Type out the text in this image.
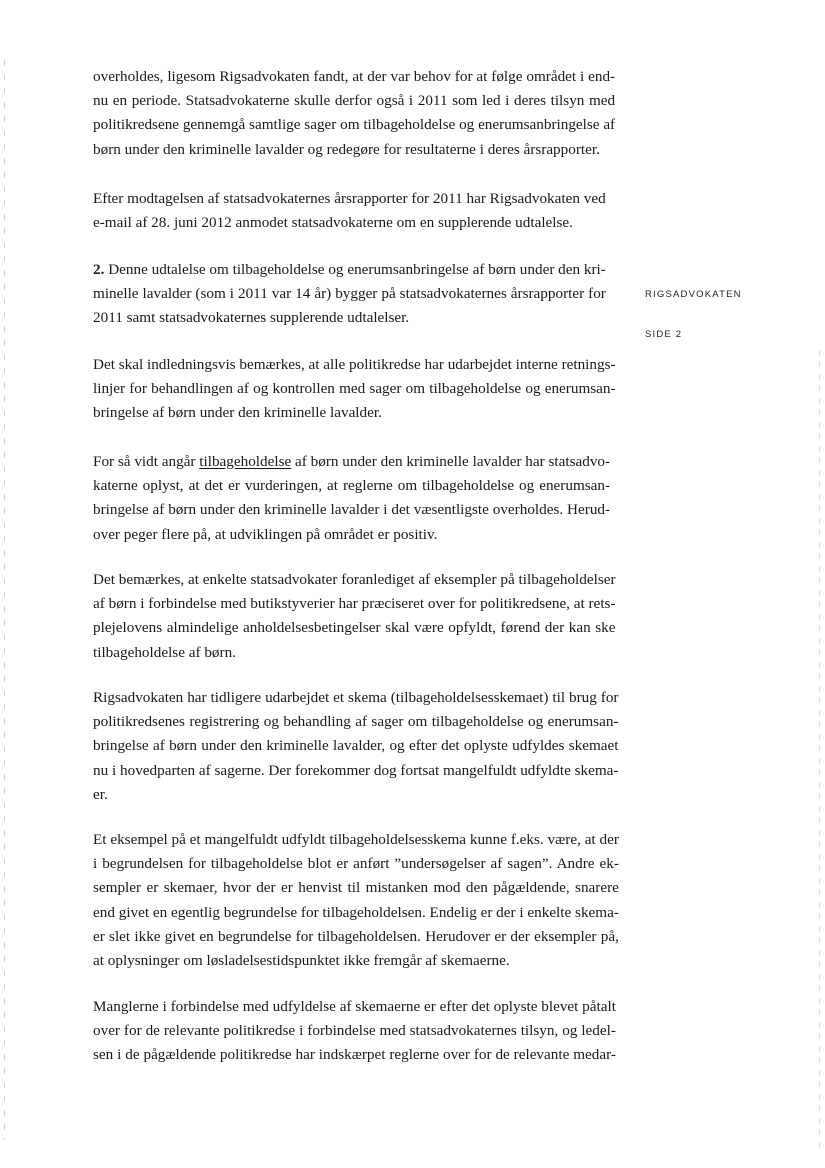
RIGSADVOKATEN
SIDE 2

overholdes, ligesom Rigsadvokaten fandt, at der var behov for at følge området i end-
nu en periode. Statsadvokaterne skulle derfor også i 2011 som led i deres tilsyn med
politikredsene gennemgå samtlige sager om tilbageholdelse og enerumsanbringelse af
børn under den kriminelle lavalder og redegøre for resultaterne i deres årsrapporter.

Efter modtagelsen af statsadvokaternes årsrapporter for 2011 har Rigsadvokaten ved
e-mail af 28. juni 2012 anmodet statsadvokaterne om en supplerende udtalelse.

2. Denne udtalelse om tilbageholdelse og enerumsanbringelse af børn under den kri-
minelle lavalder (som i 2011 var 14 år) bygger på statsadvokaternes årsrapporter for
2011 samt statsadvokaternes supplerende udtalelser.

Det skal indledningsvis bemærkes, at alle politikredse har udarbejdet interne retnings-
linjer for behandlingen af og kontrollen med sager om tilbageholdelse og enerumsan-
bringelse af børn under den kriminelle lavalder.

For så vidt angår tilbageholdelse af børn under den kriminelle lavalder har statsadvo-
katerne oplyst, at det er vurderingen, at reglerne om tilbageholdelse og enerumsan-
bringelse af børn under den kriminelle lavalder i det væsentligste overholdes. Herud-
over peger flere på, at udviklingen på området er positiv.

Det bemærkes, at enkelte statsadvokater foranlediget af eksempler på tilbageholdelser
af børn i forbindelse med butikstyverier har præciseret over for politikredsene, at rets-
plejelovens almindelige anholdelsesbetingelser skal være opfyldt, førend der kan ske
tilbageholdelse af børn.

Rigsadvokaten har tidligere udarbejdet et skema (tilbageholdelsesskemaet) til brug for
politikredsenes registrering og behandling af sager om tilbageholdelse og enerumsan-
bringelse af børn under den kriminelle lavalder, og efter det oplyste udfyldes skemaet
nu i hovedparten af sagerne. Der forekommer dog fortsat mangelfuldt udfyldte skema-
er.

Et eksempel på et mangelfuldt udfyldt tilbageholdelsesskema kunne f.eks. være, at der
i begrundelsen for tilbageholdelse blot er anført ”undersøgelser af sagen”. Andre ek-
sempler er skemaer, hvor der er henvist til mistanken mod den pågældende, snarere
end givet en egentlig begrundelse for tilbageholdelsen. Endelig er der i enkelte skema-
er slet ikke givet en begrundelse for tilbageholdelsen. Herudover er der eksempler på,
at oplysninger om løsladelsestidspunktet ikke fremgår af skemaerne.

Manglerne i forbindelse med udfyldelse af skemaerne er efter det oplyste blevet påtalt
over for de relevante politikredse i forbindelse med statsadvokaternes tilsyn, og ledel-
sen i de pågældende politikredse har indskærpet reglerne over for de relevante medar-
